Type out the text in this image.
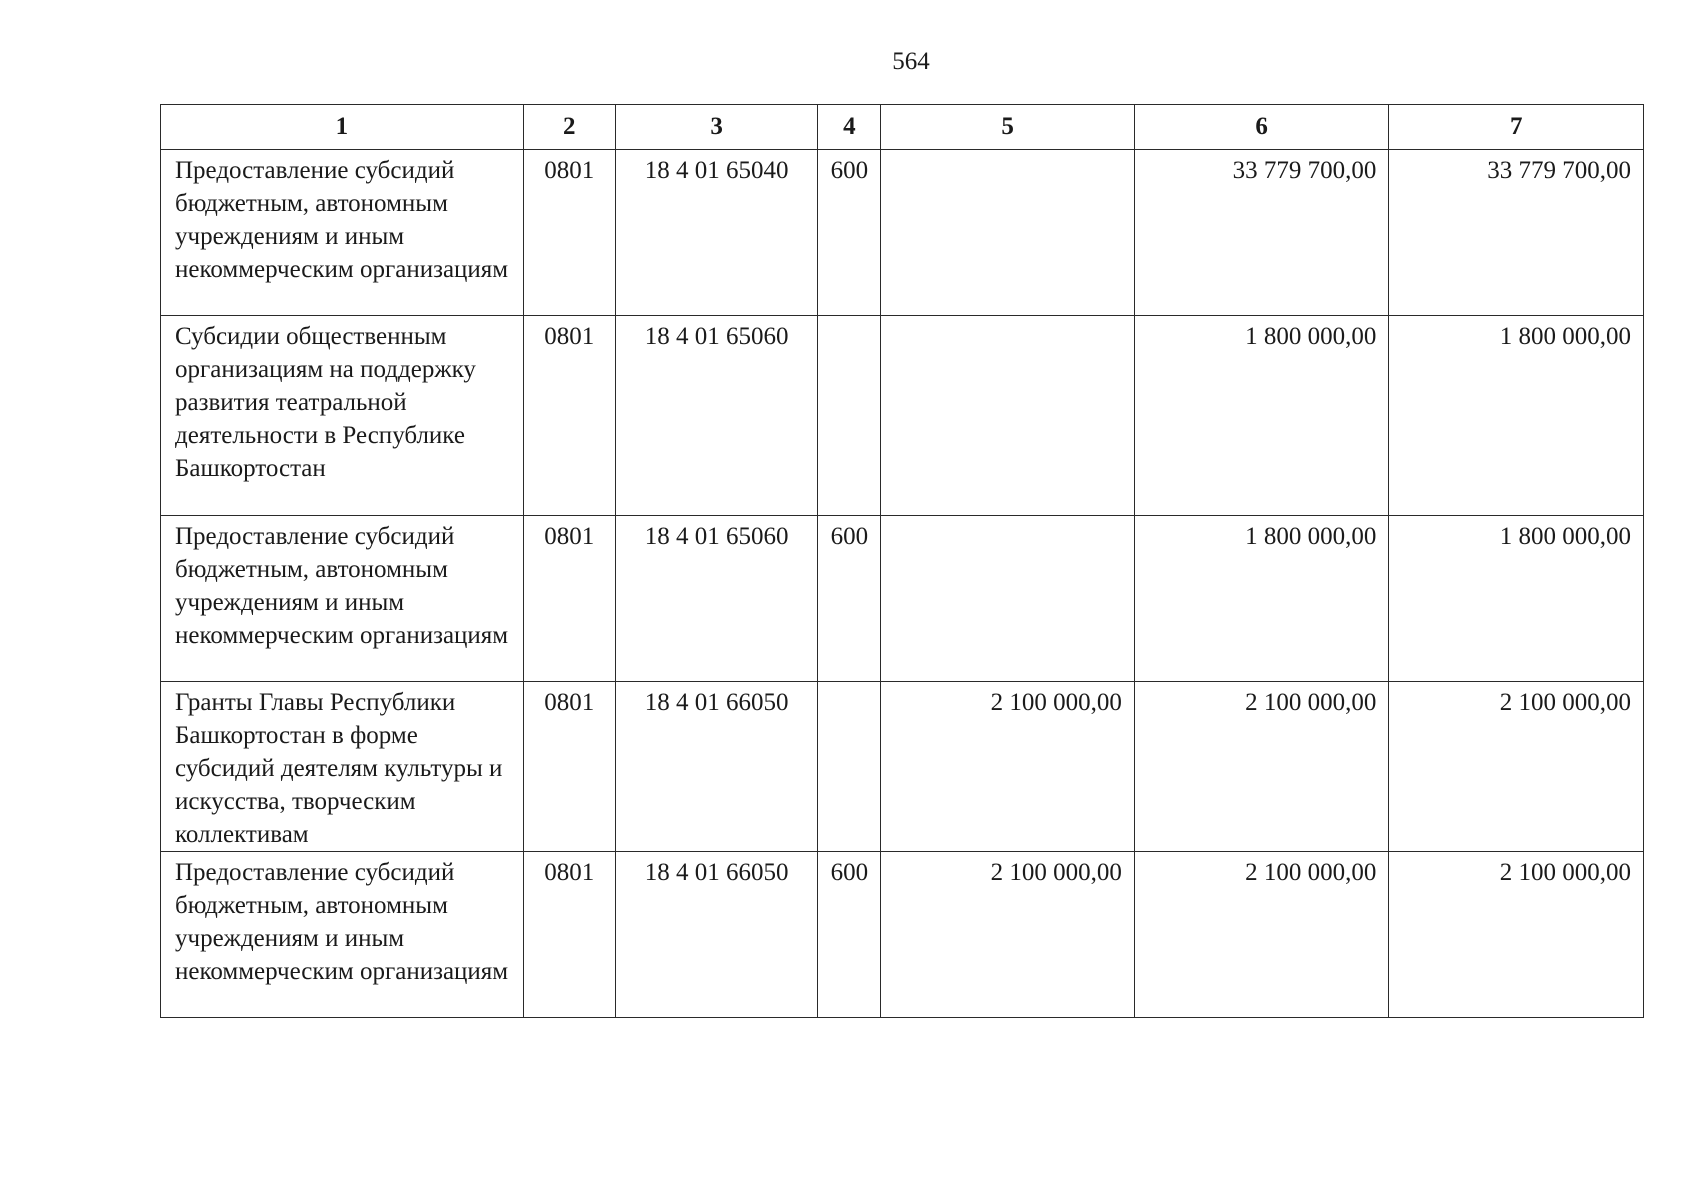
564
1	2	3	4	5	6	7
Предоставление субсидий бюджетным, автономным учреждениям и иным некоммерческим организациям	0801	18 4 01 65040	600		33 779 700,00	33 779 700,00
Субсидии общественным организациям на поддержку развития театральной деятельности в Республике Башкортостан	0801	18 4 01 65060			1 800 000,00	1 800 000,00
Предоставление субсидий бюджетным, автономным учреждениям и иным некоммерческим организациям	0801	18 4 01 65060	600		1 800 000,00	1 800 000,00
Гранты Главы Республики Башкортостан в форме субсидий деятелям культуры и искусства, творческим коллективам	0801	18 4 01 66050		2 100 000,00	2 100 000,00	2 100 000,00
Предоставление субсидий бюджетным, автономным учреждениям и иным некоммерческим организациям	0801	18 4 01 66050	600	2 100 000,00	2 100 000,00	2 100 000,00
